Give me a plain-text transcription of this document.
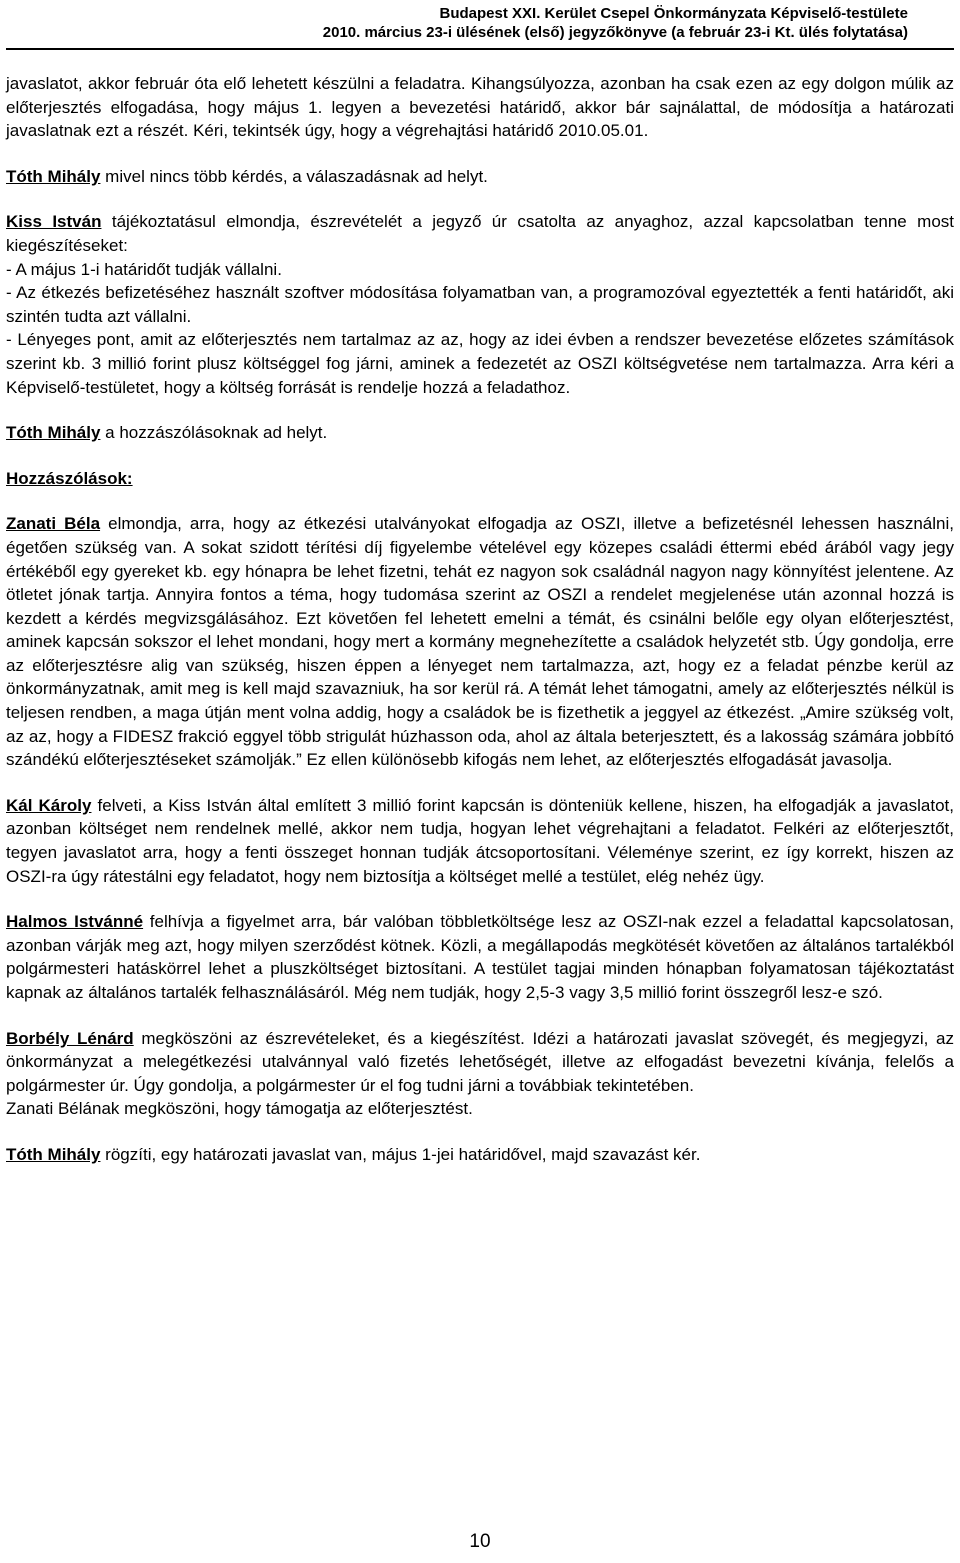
Budapest XXI. Kerület Csepel Önkormányzata Képviselő-testülete
2010. március 23-i ülésének (első) jegyzőkönyve (a február 23-i Kt. ülés folytatása)

javaslatot, akkor február óta elő lehetett készülni a feladatra. Kihangsúlyozza, azonban ha csak ezen az egy dolgon múlik az előterjesztés elfogadása, hogy május 1. legyen a bevezetési határidő, akkor bár sajnálattal, de módosítja a határozati javaslatnak ezt a részét. Kéri, tekintsék úgy, hogy a végrehajtási határidő 2010.05.01.

Tóth Mihály mivel nincs több kérdés, a válaszadásnak ad helyt.

Kiss István tájékoztatásul elmondja, észrevételét a jegyző úr csatolta az anyaghoz, azzal kapcsolatban tenne most kiegészítéseket:

- A május 1-i határidőt tudják vállalni.

- Az étkezés befizetéséhez használt szoftver módosítása folyamatban van, a programozóval egyeztették a fenti határidőt, aki szintén tudta azt vállalni.

- Lényeges pont, amit az előterjesztés nem tartalmaz az az, hogy az idei évben a rendszer bevezetése előzetes számítások szerint kb. 3 millió forint plusz költséggel fog járni, aminek a fedezetét az OSZI költségvetése nem tartalmazza. Arra kéri a Képviselő-testületet, hogy a költség forrását is rendelje hozzá a feladathoz.

Tóth Mihály a hozzászólásoknak ad helyt.

Hozzászólások:

Zanati Béla elmondja, arra, hogy az étkezési utalványokat elfogadja az OSZI, illetve a befizetésnél lehessen használni, égetően szükség van. A sokat szidott térítési díj figyelembe vételével egy közepes családi éttermi ebéd árából vagy jegy értékéből egy gyereket kb. egy hónapra be lehet fizetni, tehát ez nagyon sok családnál nagyon nagy könnyítést jelentene. Az ötletet jónak tartja. Annyira fontos a téma, hogy tudomása szerint az OSZI a rendelet megjelenése után azonnal hozzá is kezdett a kérdés megvizsgálásához. Ezt követően fel lehetett emelni a témát, és csinálni belőle egy olyan előterjesztést, aminek kapcsán sokszor el lehet mondani, hogy mert a kormány megnehezítette a családok helyzetét stb. Úgy gondolja, erre az előterjesztésre alig van szükség, hiszen éppen a lényeget nem tartalmazza, azt, hogy ez a feladat pénzbe kerül az önkormányzatnak, amit meg is kell majd szavazniuk, ha sor kerül rá. A témát lehet támogatni, amely az előterjesztés nélkül is teljesen rendben, a maga útján ment volna addig, hogy a családok be is fizethetik a jeggyel az étkezést. „Amire szükség volt, az az, hogy a FIDESZ frakció eggyel több strigulát húzhasson oda, ahol az általa beterjesztett, és a lakosság számára jobbító szándékú előterjesztéseket számolják.” Ez ellen különösebb kifogás nem lehet, az előterjesztés elfogadását javasolja.

Kál Károly felveti, a Kiss István által említett 3 millió forint kapcsán is dönteniük kellene, hiszen, ha elfogadják a javaslatot, azonban költséget nem rendelnek mellé, akkor nem tudja, hogyan lehet végrehajtani a feladatot. Felkéri az előterjesztőt, tegyen javaslatot arra, hogy a fenti összeget honnan tudják átcsoportosítani. Véleménye szerint, ez így korrekt, hiszen az OSZI-ra úgy rátestálni egy feladatot, hogy nem biztosítja a költséget mellé a testület, elég nehéz ügy.

Halmos Istvánné felhívja a figyelmet arra, bár valóban többletköltsége lesz az OSZI-nak ezzel a feladattal kapcsolatosan, azonban várják meg azt, hogy milyen szerződést kötnek. Közli, a megállapodás megkötését követően az általános tartalékból polgármesteri hatáskörrel lehet a pluszköltséget biztosítani. A testület tagjai minden hónapban folyamatosan tájékoztatást kapnak az általános tartalék felhasználásáról. Még nem tudják, hogy 2,5-3 vagy 3,5 millió forint összegről lesz-e szó.

Borbély Lénárd megköszöni az észrevételeket, és a kiegészítést. Idézi a határozati javaslat szövegét, és megjegyzi, az önkormányzat a melegétkezési utalvánnyal való fizetés lehetőségét, illetve az elfogadást bevezetni kívánja, felelős a polgármester úr. Úgy gondolja, a polgármester úr el fog tudni járni a továbbiak tekintetében.

Zanati Bélának megköszöni, hogy támogatja az előterjesztést.

Tóth Mihály rögzíti, egy határozati javaslat van, május 1-jei határidővel, majd szavazást kér.

10
